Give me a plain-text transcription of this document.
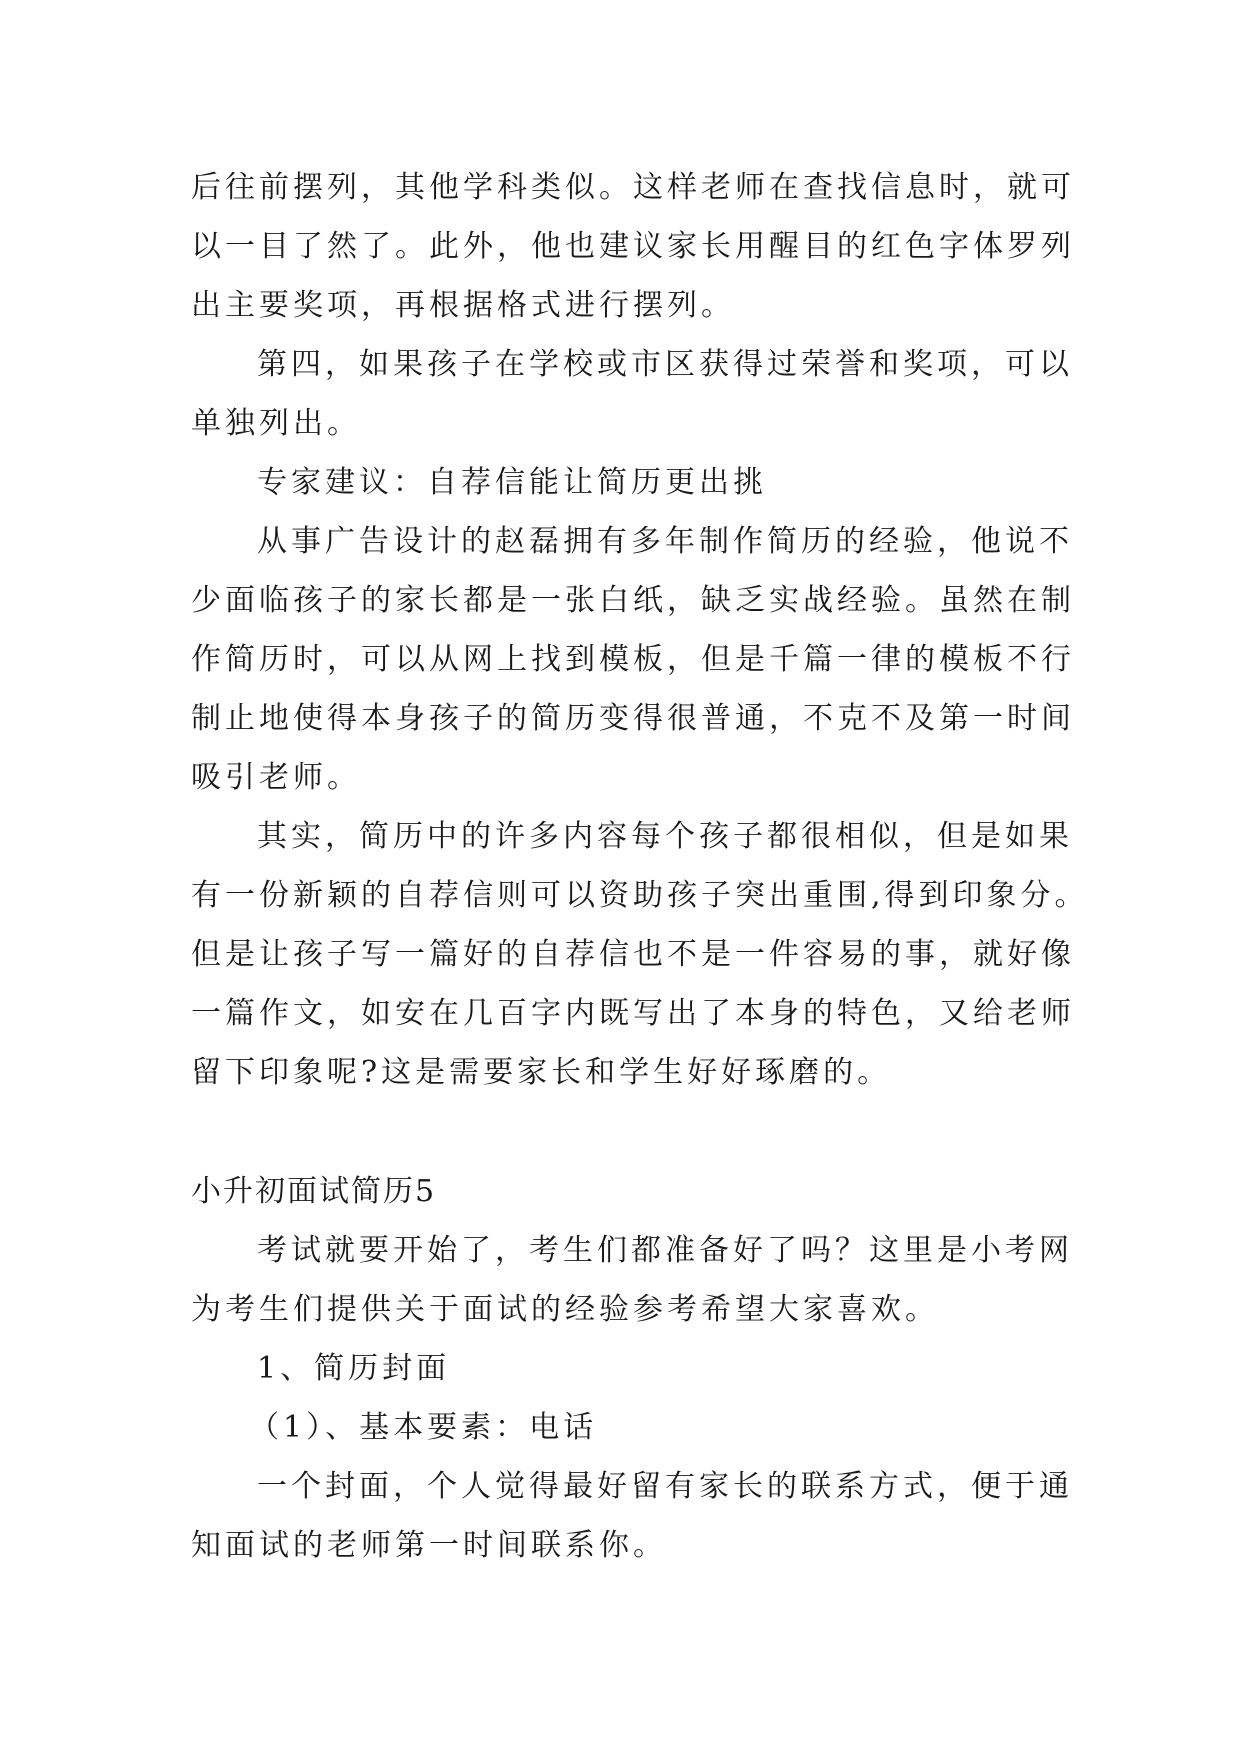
后往前摆列，其他学科类似。这样老师在查找信息时，就可
以一目了然了。此外，他也建议家长用醒目的红色字体罗列
出主要奖项，再根据格式进行摆列。
第四，如果孩子在学校或市区获得过荣誉和奖项，可以
单独列出。
专家建议：自荐信能让简历更出挑
从事广告设计的赵磊拥有多年制作简历的经验，他说不
少面临孩子的家长都是一张白纸，缺乏实战经验。虽然在制
作简历时，可以从网上找到模板，但是千篇一律的模板不行
制止地使得本身孩子的简历变得很普通，不克不及第一时间
吸引老师。
其实，简历中的许多内容每个孩子都很相似，但是如果
有一份新颖的自荐信则可以资助孩子突出重围,得到印象分。
但是让孩子写一篇好的自荐信也不是一件容易的事，就好像
一篇作文，如安在几百字内既写出了本身的特色，又给老师
留下印象呢?这是需要家长和学生好好琢磨的。
小升初面试简历5
考试就要开始了，考生们都准备好了吗？这里是小考网
为考生们提供关于面试的经验参考希望大家喜欢。
1、简历封面
（1）、基本要素：电话
一个封面，个人觉得最好留有家长的联系方式，便于通
知面试的老师第一时间联系你。
